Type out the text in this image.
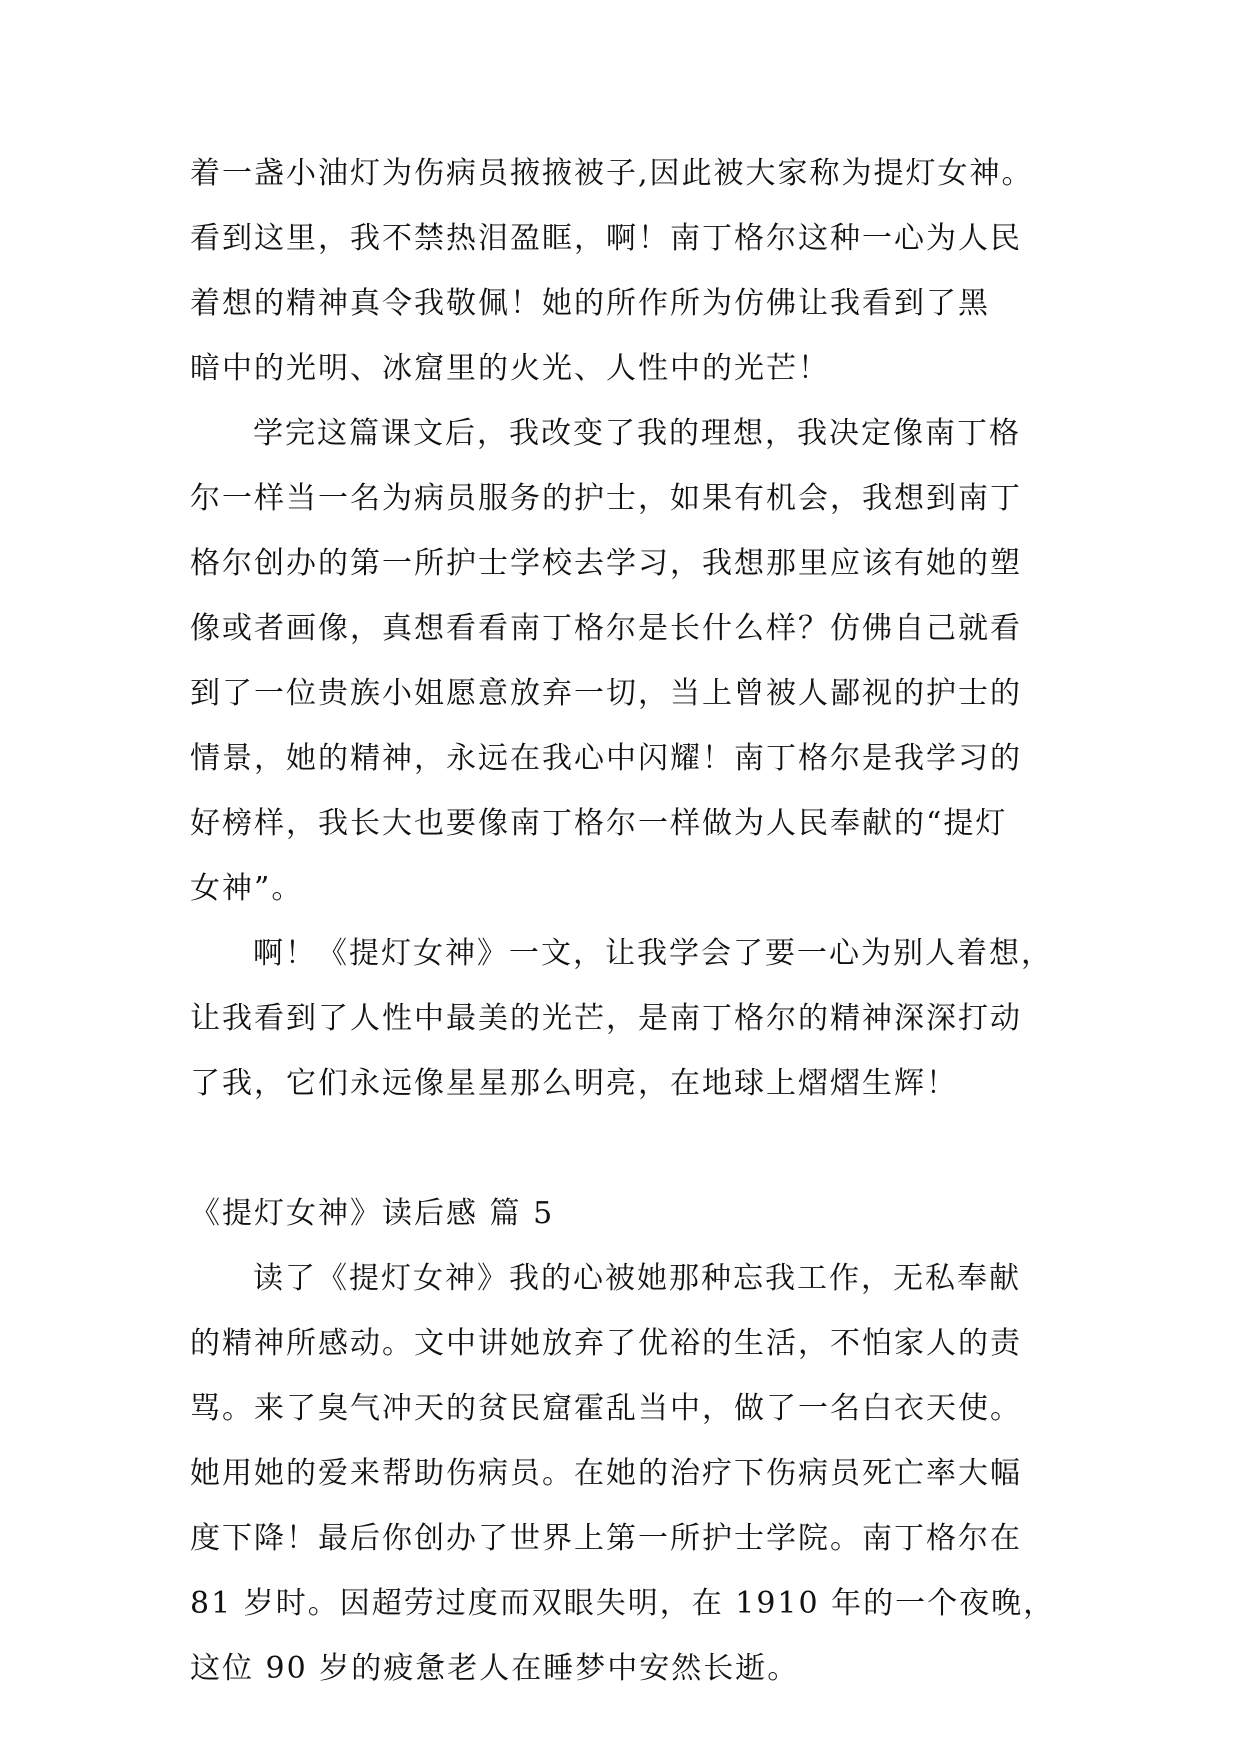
着一盏小油灯为伤病员掖掖被子,因此被大家称为提灯女神。
看到这里，我不禁热泪盈眶，啊！南丁格尔这种一心为人民
着想的精神真令我敬佩！她的所作所为仿佛让我看到了黑
暗中的光明、冰窟里的火光、人性中的光芒！
学完这篇课文后，我改变了我的理想，我决定像南丁格
尔一样当一名为病员服务的护士，如果有机会，我想到南丁
格尔创办的第一所护士学校去学习，我想那里应该有她的塑
像或者画像，真想看看南丁格尔是长什么样？仿佛自己就看
到了一位贵族小姐愿意放弃一切，当上曾被人鄙视的护士的
情景，她的精神，永远在我心中闪耀！南丁格尔是我学习的
好榜样，我长大也要像南丁格尔一样做为人民奉献的“提灯
女神”。
啊！《提灯女神》一文，让我学会了要一心为别人着想，
让我看到了人性中最美的光芒，是南丁格尔的精神深深打动
了我，它们永远像星星那么明亮，在地球上熠熠生辉！
《提灯女神》读后感 篇 5
读了《提灯女神》我的心被她那种忘我工作，无私奉献
的精神所感动。文中讲她放弃了优裕的生活，不怕家人的责
骂。来了臭气冲天的贫民窟霍乱当中，做了一名白衣天使。
她用她的爱来帮助伤病员。在她的治疗下伤病员死亡率大幅
度下降！最后你创办了世界上第一所护士学院。南丁格尔在
81 岁时。因超劳过度而双眼失明，在 1910 年的一个夜晚，
这位 90 岁的疲惫老人在睡梦中安然长逝。
